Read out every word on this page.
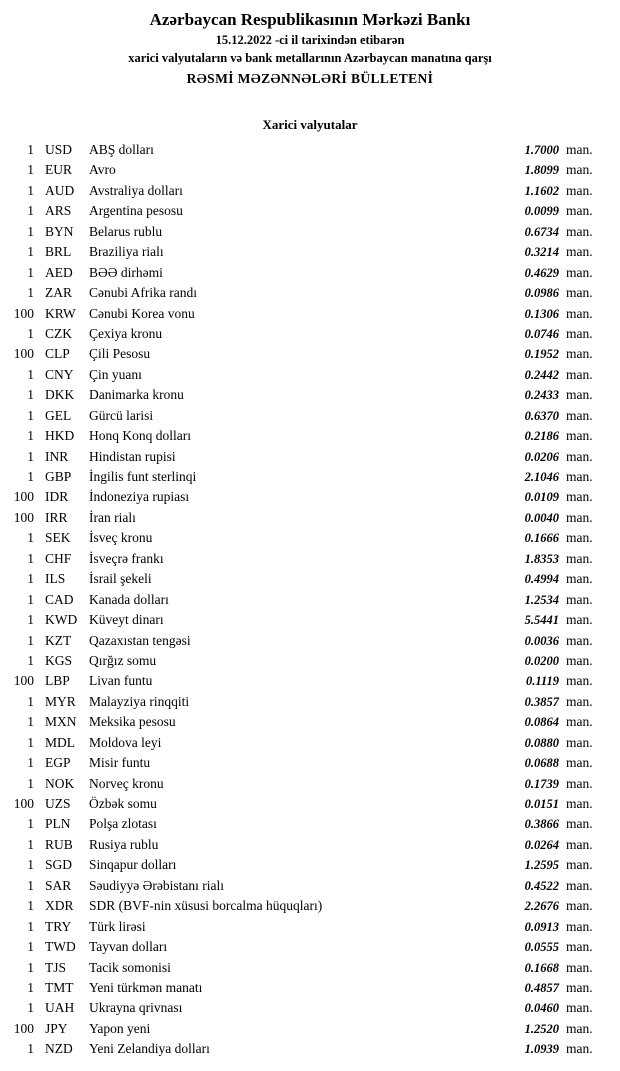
Azərbaycan Respublikasının Mərkəzi Bankı
15.12.2022 -ci il tarixindən etibarən
xarici valyutaların və bank metallarının Azərbaycan manatına qarşı
RƏSMİ MƏZƏNNƏLƏRİ BÜLLETENİ
Xarici valyutalar
1 USD	ABŞ dolları	1.7000 man.
1 EUR	Avro	1.8099 man.
1 AUD	Avstraliya dolları	1.1602 man.
1 ARS	Argentina pesosu	0.0099 man.
1 BYN	Belarus rublu	0.6734 man.
1 BRL	Braziliya rialı	0.3214 man.
1 AED	BƏƏ dirhəmi	0.4629 man.
1 ZAR	Cənubi Afrika randı	0.0986 man.
100 KRW Cənubi Korea vonu	0.1306 man.
1 CZK	Çexiya kronu	0.0746 man.
100 CLP	Çili Pesosu	0.1952 man.
1 CNY	Çin yuanı	0.2442 man.
1 DKK	Danimarka kronu	0.2433 man.
1 GEL	Gürcü larisi	0.6370 man.
1 HKD	Honq Konq dolları	0.2186 man.
1 INR	Hindistan rupisi	0.0206 man.
1 GBP	İngilis funt sterlinqi	2.1046 man.
100 IDR	İndoneziya rupiası	0.0109 man.
100 IRR	İran rialı	0.0040 man.
1 SEK	İsveç kronu	0.1666 man.
1 CHF	İsveçrə frankı	1.8353 man.
1 ILS	İsrail şekeli	0.4994 man.
1 CAD	Kanada dolları	1.2534 man.
1 KWD Küveyt dinarı	5.5441 man.
1 KZT	Qazaxıstan tengəsi	0.0036 man.
1 KGS	Qırğız somu	0.0200 man.
100 LBP	Livan funtu	0.1119 man.
1 MYR Malayziya rinqqiti	0.3857 man.
1 MXN Meksika pesosu	0.0864 man.
1 MDL	Moldova leyi	0.0880 man.
1 EGP	Misir funtu	0.0688 man.
1 NOK	Norveç kronu	0.1739 man.
100 UZS	Özbək somu	0.0151 man.
1 PLN	Polşa zlotası	0.3866 man.
1 RUB	Rusiya rublu	0.0264 man.
1 SGD	Sinqapur dolları	1.2595 man.
1 SAR	Səudiyyə Ərəbistanı rialı	0.4522 man.
1 XDR	SDR (BVF-nin xüsusi borcalma hüquqları)	2.2676 man.
1 TRY	Türk lirəsi	0.0913 man.
1 TWD Tayvan dolları	0.0555 man.
1 TJS	Tacik somonisi	0.1668 man.
1 TMT	Yeni türkmən manatı	0.4857 man.
1 UAH	Ukrayna qrivnası	0.0460 man.
100 JPY	Yapon yeni	1.2520 man.
1 NZD	Yeni Zelandiya dolları	1.0939 man.
